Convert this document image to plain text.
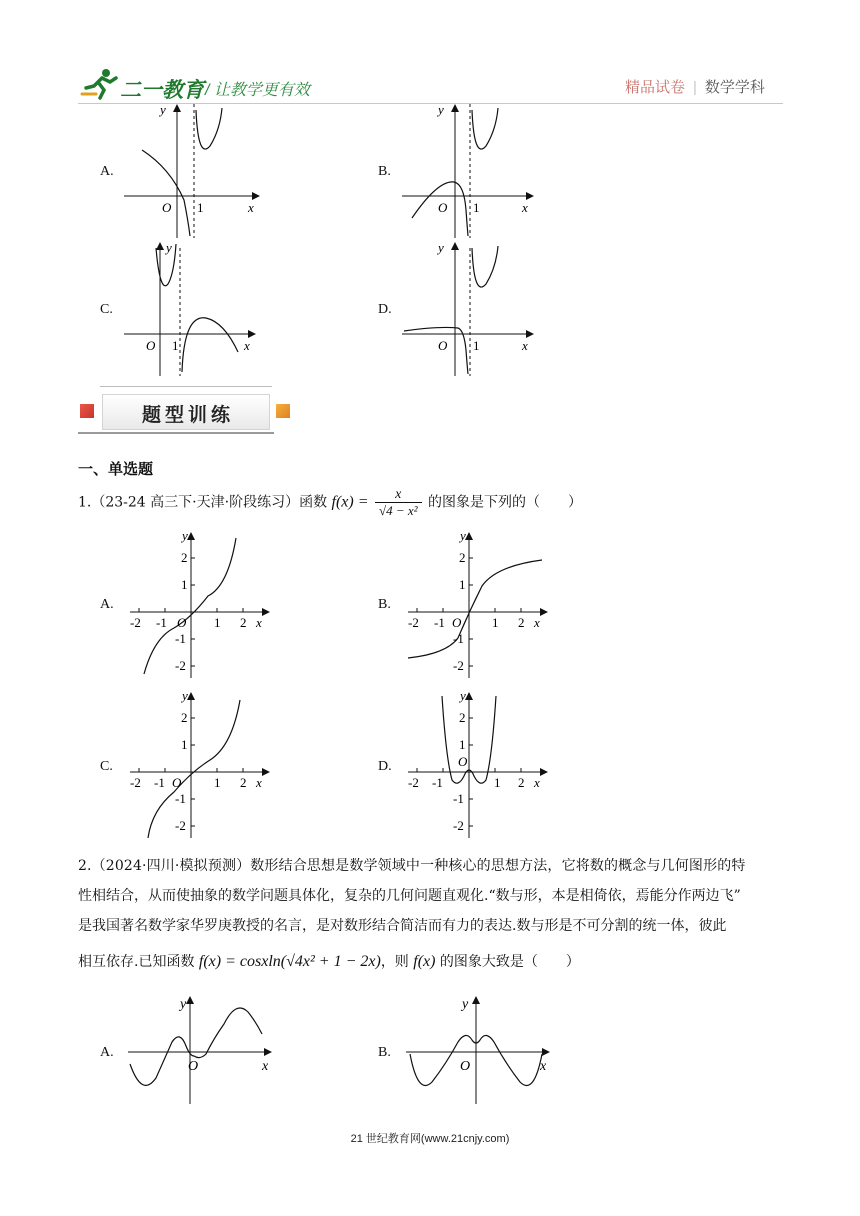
二一教育 / 让教学更有效	精品试卷 | 数学学科
A.
x
y
O 1
B.
x
y
O 1
C.
x
y
O 1
D.
x
y
O 1
题型训练
一、单选题
1.（23-24 高三下·天津·阶段练习）函数 $f(x) = \frac{x}{\text{√4 − x²}}$ 的图象是下列的（　　）
A.
-2 -1	1 2
2
1
-1
-2
O	x
y
B.
-2 -1	1 2
2
1
-1
-2
O	x
y
C.
-2 -1	1 2
2
1
-1
-2
O	x
y
D.
-2 -1	1 2
2
1
-1
-2
O
x
y
2.（2024·四川·模拟预测）数形结合思想是数学领域中一种核心的思想方法，它将数的概念与几何图形的特
性相结合，从而使抽象的数学问题具体化，复杂的几何问题直观化.“数与形，本是相倚依，焉能分作两边飞”
是我国著名数学家华罗庚教授的名言，是对数形结合简洁而有力的表达.数与形是不可分割的统一体，彼此
相互依存.已知函数 f(x) = cosxln(√4x² + 1 − 2x)，则 f(x) 的图象大致是（　　）
A.
O	x
y
B.
O	x
y
21 世纪教育网(www.21cnjy.com)
